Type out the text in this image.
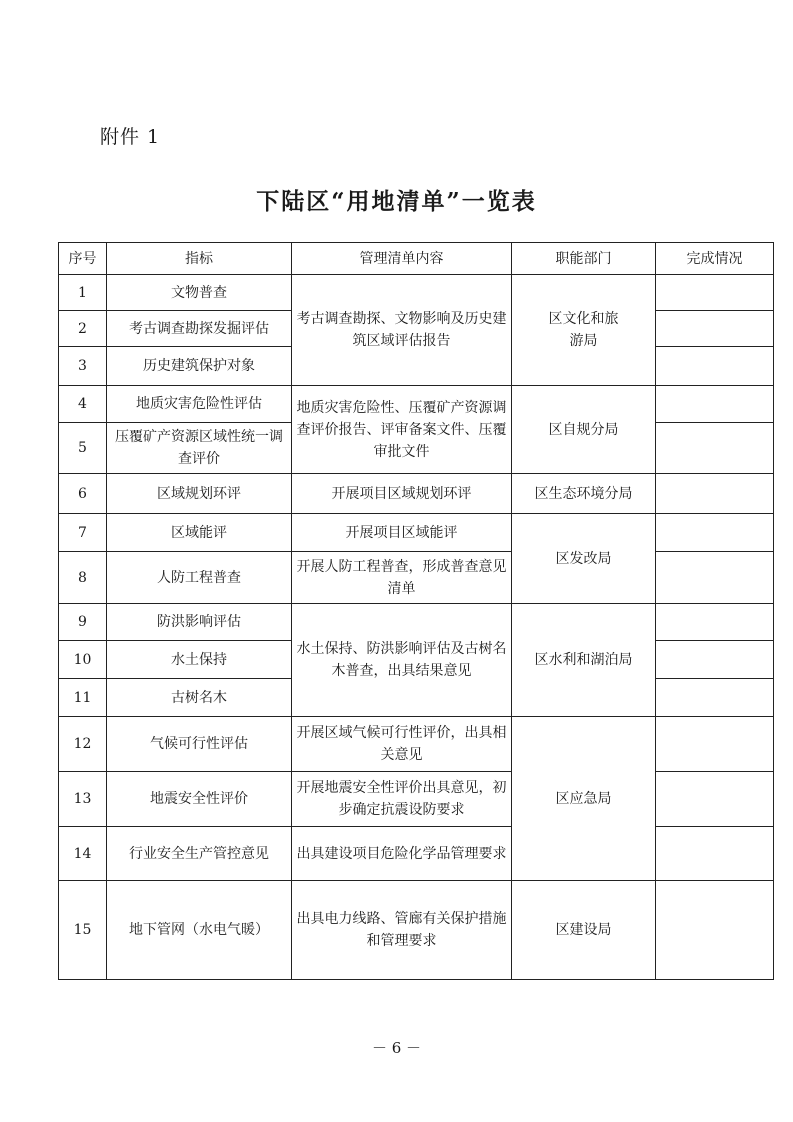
附件 1
下陆区“用地清单”一览表
序号	指标	管理清单内容	职能部门	完成情况
1	文物普查	考古调查勘探、文物影响及历史建筑区域评估报告	区文化和旅游局	
2	考古调查勘探发掘评估			
3	历史建筑保护对象			
4	地质灾害危险性评估	地质灾害危险性、压覆矿产资源调查评价报告、评审备案文件、压覆审批文件	区自规分局	
5	压覆矿产资源区域性统一调查评价			
6	区域规划环评	开展项目区域规划环评	区生态环境分局	
7	区域能评	开展项目区域能评	区发改局	
8	人防工程普查	开展人防工程普查，形成普查意见清单		
9	防洪影响评估	水土保持、防洪影响评估及古树名木普查，出具结果意见	区水利和湖泊局	
10	水土保持			
11	古树名木			
12	气候可行性评估	开展区域气候可行性评价，出具相关意见	区应急局	
13	地震安全性评价	开展地震安全性评价出具意见，初步确定抗震设防要求		
14	行业安全生产管控意见	出具建设项目危险化学品管理要求		
15	地下管网（水电气暖）	出具电力线路、管廊有关保护措施和管理要求	区建设局	
－ 6 －
